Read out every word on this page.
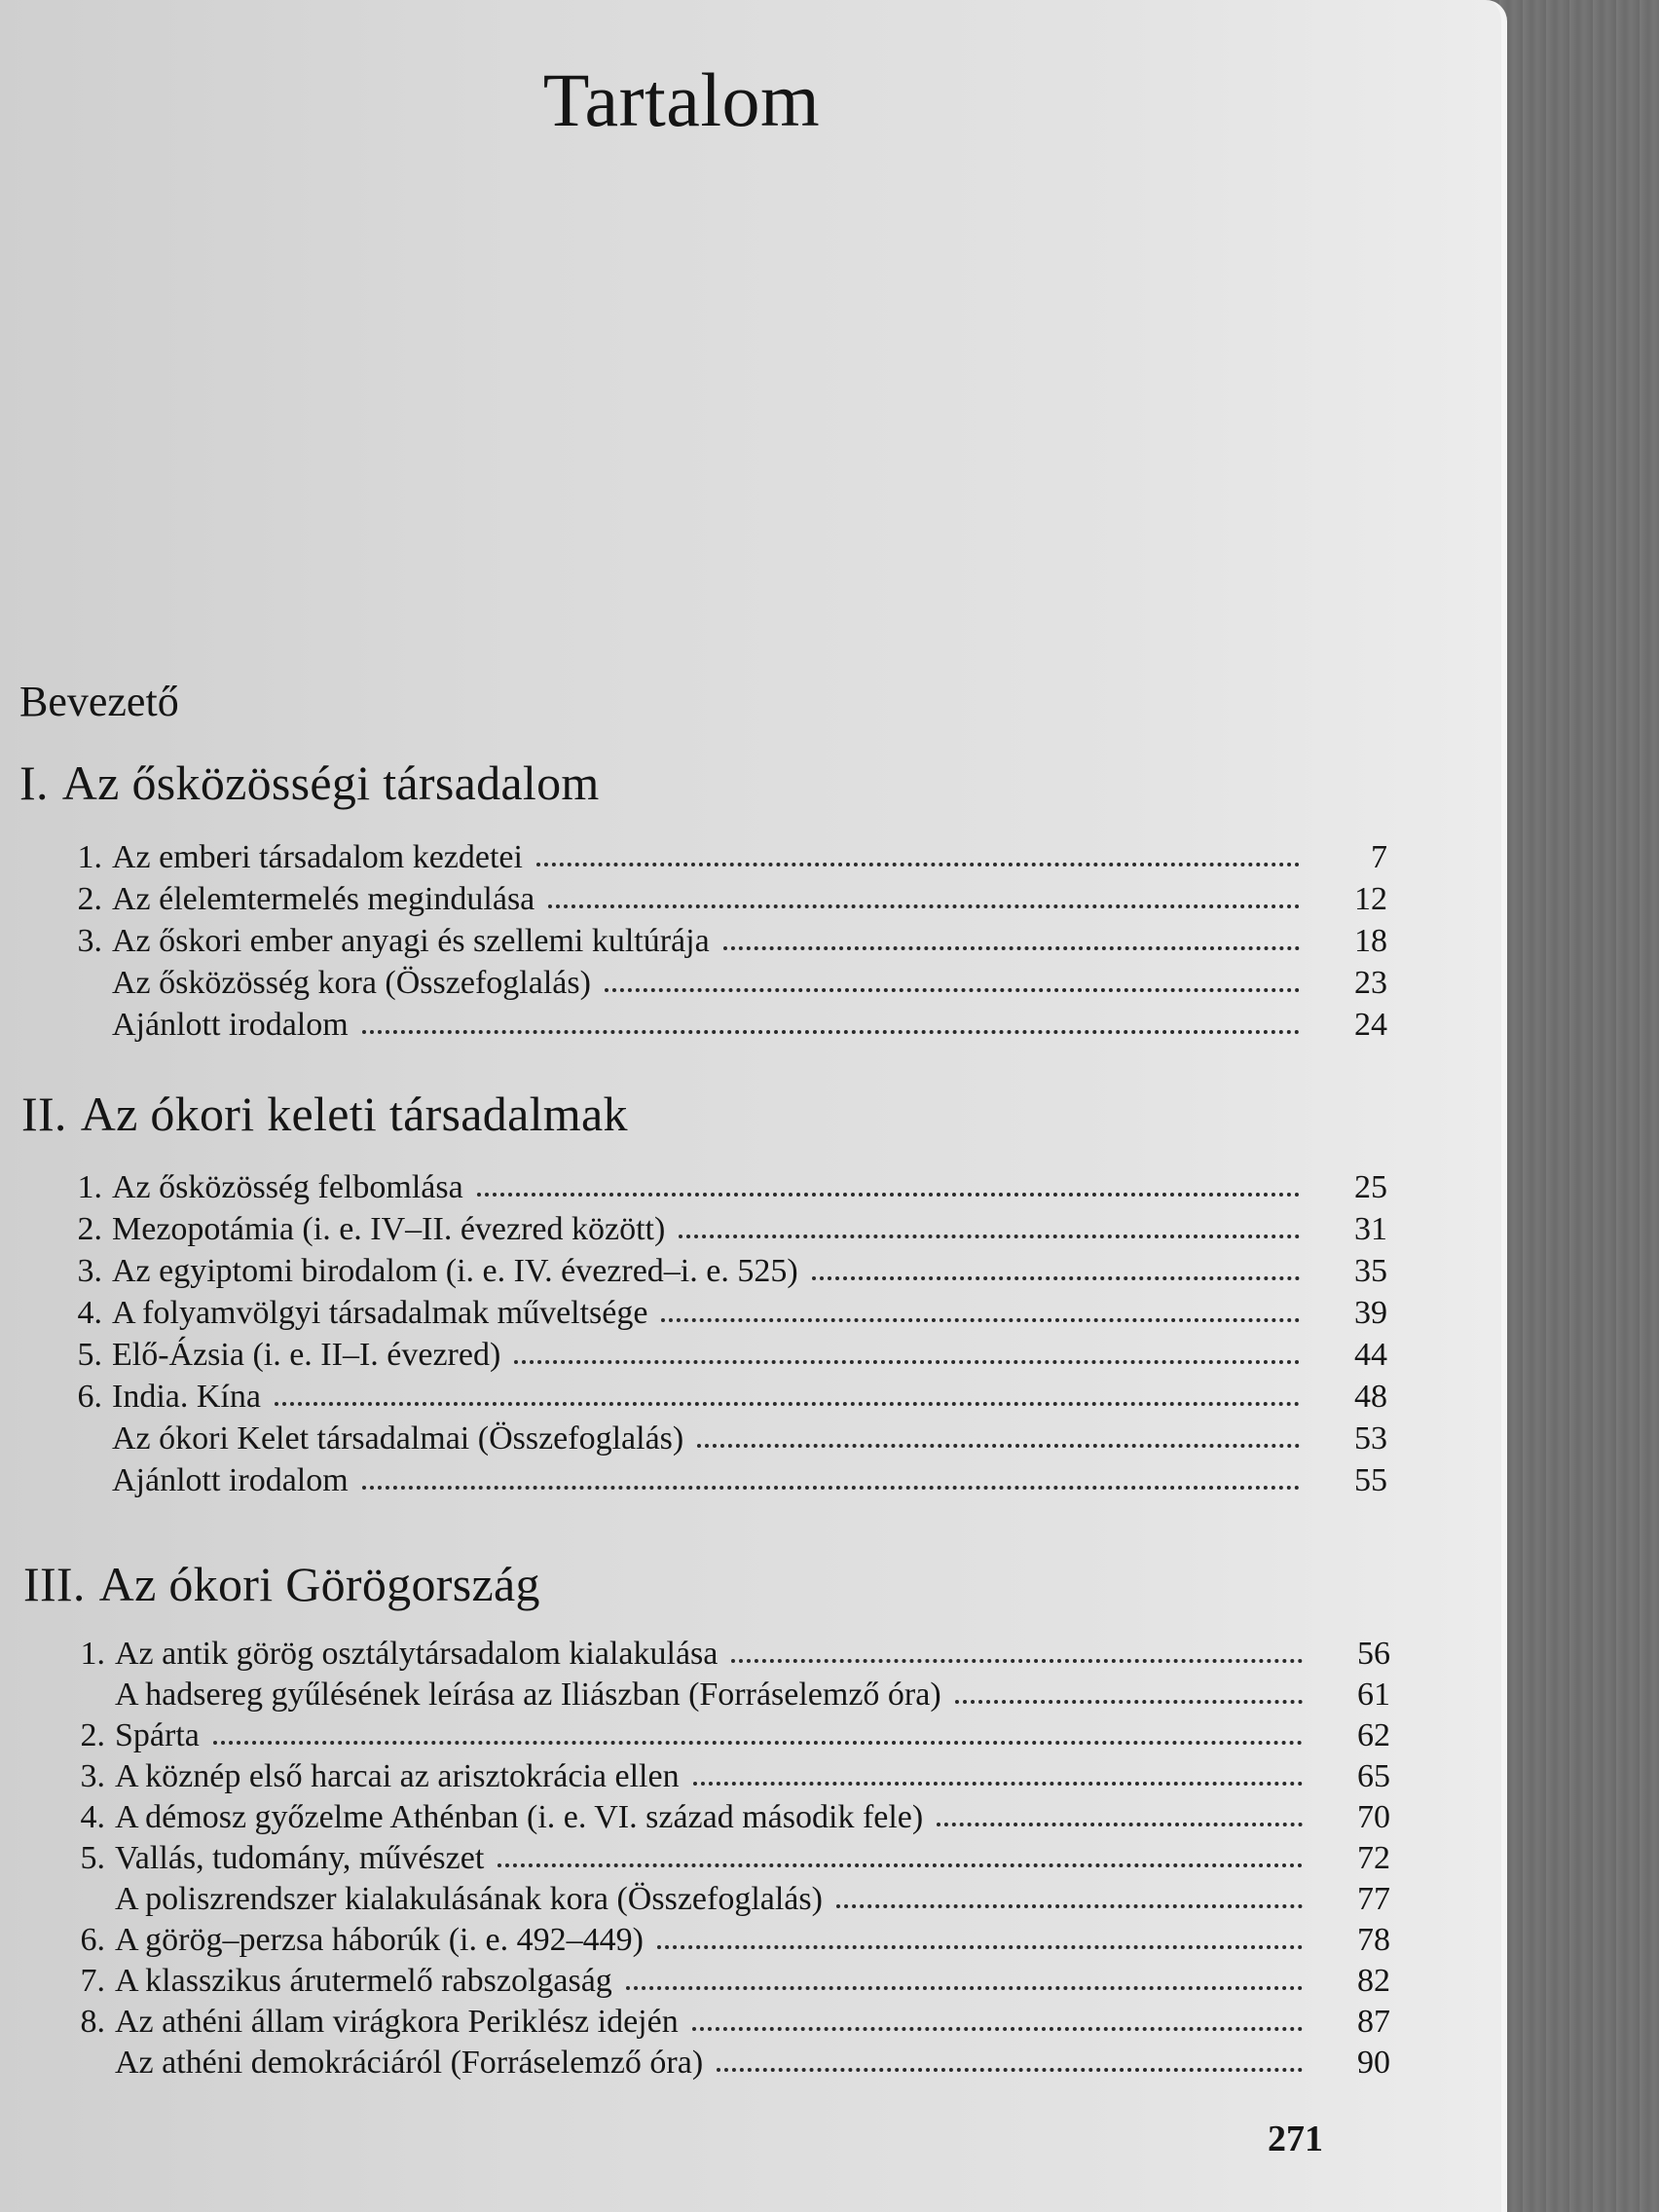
Tartalom
Bevezető
I. Az ősközösségi társadalom
1. Az emberi társadalom kezdetei	7
2. Az élelemtermelés megindulása	12
3. Az őskori ember anyagi és szellemi kultúrája	18
Az ősközösség kora (Összefoglalás)	23
Ajánlott irodalom	24
II. Az ókori keleti társadalmak
1. Az ősközösség felbomlása	25
2. Mezopotámia (i. e. IV–II. évezred között)	31
3. Az egyiptomi birodalom (i. e. IV. évezred–i. e. 525)	35
4. A folyamvölgyi társadalmak műveltsége	39
5. Elő-Ázsia (i. e. II–I. évezred)	44
6. India. Kína	48
Az ókori Kelet társadalmai (Összefoglalás)	53
Ajánlott irodalom	55
III. Az ókori Görögország
1. Az antik görög osztálytársadalom kialakulása	56
A hadsereg gyűlésének leírása az Iliászban (Forráselemző óra)	61
2. Spárta	62
3. A köznép első harcai az arisztokrácia ellen	65
4. A démosz győzelme Athénban (i. e. VI. század második fele)	70
5. Vallás, tudomány, művészet	72
A poliszrendszer kialakulásának kora (Összefoglalás)	77
6. A görög–perzsa háborúk (i. e. 492–449)	78
7. A klasszikus árutermelő rabszolgaság	82
8. Az athéni állam virágkora Periklész idején	87
Az athéni demokráciáról (Forráselemző óra)	90
271
